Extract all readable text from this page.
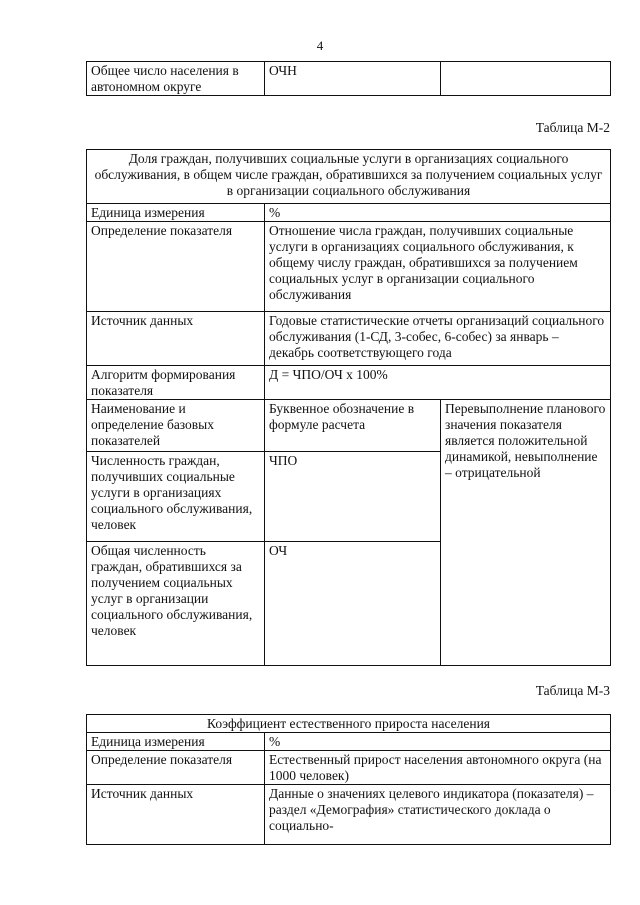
4
Общее число населения в автономном округе	ОЧН	
Таблица М-2
Доля граждан, получивших социальные услуги в организациях социального обслуживания, в общем числе граждан, обратившихся за получением социальных услуг в организации социального обслуживания		
Единица измерения	%	
Определение показателя	Отношение числа граждан, получивших социальные услуги в организациях социального обслуживания, к общему числу граждан, обратившихся за получением социальных услуг в организации социального обслуживания	
Источник данных	Годовые статистические отчеты организаций социального обслуживания (1-СД, 3-собес, 6-собес) за январь – декабрь соответствующего года	
Алгоритм формирования показателя	Д = ЧПО/ОЧ x 100%	
Наименование и определение базовых показателей	Буквенное обозначение в формуле расчета	Перевыполнение планового значения показателя является положительной динамикой, невыполнение – отрицательной
Численность граждан, получивших социальные услуги в организациях социального обслуживания, человек	ЧПО	
Общая численность граждан, обратившихся за получением социальных услуг в организации социального обслуживания, человек	ОЧ	
Таблица М-3
Коэффициент естественного прироста населения	
Единица измерения	%
Определение показателя	Естественный прирост населения автономного округа (на 1000 человек)
Источник данных	Данные о значениях целевого индикатора (показателя) – раздел «Демография» статистического доклада о социально-
